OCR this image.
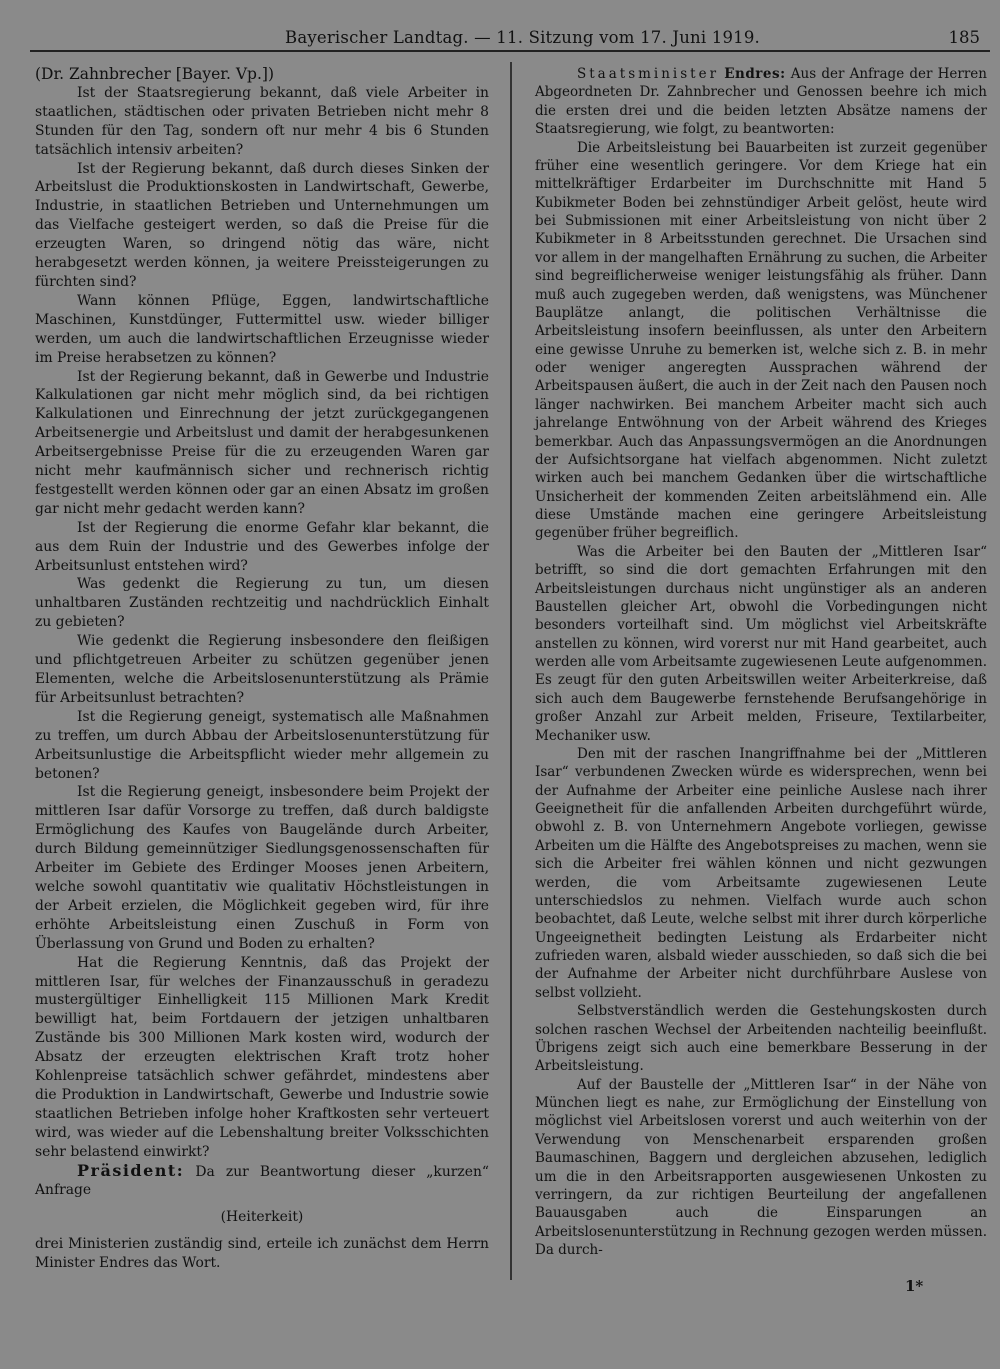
Bayerischer Landtag. — 11. Sitzung vom 17. Juni 1919.	185

(Dr. Zahnbrecher [Bayer. Vp.])

Ist der Staatsregierung bekannt, daß viele Arbeiter in staatlichen, städtischen oder privaten Betrieben nicht mehr 8 Stunden für den Tag, sondern oft nur mehr 4 bis 6 Stunden tatsächlich intensiv arbeiten?

Ist der Regierung bekannt, daß durch dieses Sinken der Arbeitslust die Produktionskosten in Landwirtschaft, Gewerbe, Industrie, in staatlichen Betrieben und Unternehmungen um das Vielfache gesteigert werden, so daß die Preise für die erzeugten Waren, so dringend nötig das wäre, nicht herabgesetzt werden können, ja weitere Preissteigerungen zu fürchten sind?

Wann können Pflüge, Eggen, landwirtschaftliche Maschinen, Kunstdünger, Futtermittel usw. wieder billiger werden, um auch die landwirtschaftlichen Erzeugnisse wieder im Preise herabsetzen zu können?

Ist der Regierung bekannt, daß in Gewerbe und Industrie Kalkulationen gar nicht mehr möglich sind, da bei richtigen Kalkulationen und Einrechnung der jetzt zurückgegangenen Arbeitsenergie und Arbeitslust und damit der herabgesunkenen Arbeitsergebnisse Preise für die zu erzeugenden Waren gar nicht mehr kaufmännisch sicher und rechnerisch richtig festgestellt werden können oder gar an einen Absatz im großen gar nicht mehr gedacht werden kann?

Ist der Regierung die enorme Gefahr klar bekannt, die aus dem Ruin der Industrie und des Gewerbes infolge der Arbeitsunlust entstehen wird?

Was gedenkt die Regierung zu tun, um diesen unhaltbaren Zuständen rechtzeitig und nachdrücklich Einhalt zu gebieten?

Wie gedenkt die Regierung insbesondere den fleißigen und pflichtgetreuen Arbeiter zu schützen gegenüber jenen Elementen, welche die Arbeitslosenunterstützung als Prämie für Arbeitsunlust betrachten?

Ist die Regierung geneigt, systematisch alle Maßnahmen zu treffen, um durch Abbau der Arbeitslosenunterstützung für Arbeitsunlustige die Arbeitspflicht wieder mehr allgemein zu betonen?

Ist die Regierung geneigt, insbesondere beim Projekt der mittleren Isar dafür Vorsorge zu treffen, daß durch baldigste Ermöglichung des Kaufes von Baugelände durch Arbeiter, durch Bildung gemeinnütziger Siedlungsgenossenschaften für Arbeiter im Gebiete des Erdinger Mooses jenen Arbeitern, welche sowohl quantitativ wie qualitativ Höchstleistungen in der Arbeit erzielen, die Möglichkeit gegeben wird, für ihre erhöhte Arbeitsleistung einen Zuschuß in Form von Überlassung von Grund und Boden zu erhalten?

Hat die Regierung Kenntnis, daß das Projekt der mittleren Isar, für welches der Finanzausschuß in geradezu mustergültiger Einhelligkeit 115 Millionen Mark Kredit bewilligt hat, beim Fortdauern der jetzigen unhaltbaren Zustände bis 300 Millionen Mark kosten wird, wodurch der Absatz der erzeugten elektrischen Kraft trotz hoher Kohlenpreise tatsächlich schwer gefährdet, mindestens aber die Produktion in Landwirtschaft, Gewerbe und Industrie sowie staatlichen Betrieben infolge hoher Kraftkosten sehr verteuert wird, was wieder auf die Lebenshaltung breiter Volksschichten sehr belastend einwirkt?

Präsident: Da zur Beantwortung dieser „kurzen“ Anfrage

(Heiterkeit)

drei Ministerien zuständig sind, erteile ich zunächst dem Herrn Minister Endres das Wort.

Staatsminister Endres: Aus der Anfrage der Herren Abgeordneten Dr. Zahnbrecher und Genossen beehre ich mich die ersten drei und die beiden letzten Absätze namens der Staatsregierung, wie folgt, zu beantworten:

Die Arbeitsleistung bei Bauarbeiten ist zurzeit gegenüber früher eine wesentlich geringere. Vor dem Kriege hat ein mittelkräftiger Erdarbeiter im Durchschnitte mit Hand 5 Kubikmeter Boden bei zehnstündiger Arbeit gelöst, heute wird bei Submissionen mit einer Arbeitsleistung von nicht über 2 Kubikmeter in 8 Arbeitsstunden gerechnet. Die Ursachen sind vor allem in der mangelhaften Ernährung zu suchen, die Arbeiter sind begreiflicherweise weniger leistungsfähig als früher. Dann muß auch zugegeben werden, daß wenigstens, was Münchener Bauplätze anlangt, die politischen Verhältnisse die Arbeitsleistung insofern beeinflussen, als unter den Arbeitern eine gewisse Unruhe zu bemerken ist, welche sich z. B. in mehr oder weniger angeregten Aussprachen während der Arbeitspausen äußert, die auch in der Zeit nach den Pausen noch länger nachwirken. Bei manchem Arbeiter macht sich auch jahrelange Entwöhnung von der Arbeit während des Krieges bemerkbar. Auch das Anpassungsvermögen an die Anordnungen der Aufsichtsorgane hat vielfach abgenommen. Nicht zuletzt wirken auch bei manchem Gedanken über die wirtschaftliche Unsicherheit der kommenden Zeiten arbeitslähmend ein. Alle diese Umstände machen eine geringere Arbeitsleistung gegenüber früher begreiflich.

Was die Arbeiter bei den Bauten der „Mittleren Isar“ betrifft, so sind die dort gemachten Erfahrungen mit den Arbeitsleistungen durchaus nicht ungünstiger als an anderen Baustellen gleicher Art, obwohl die Vorbedingungen nicht besonders vorteilhaft sind. Um möglichst viel Arbeitskräfte anstellen zu können, wird vorerst nur mit Hand gearbeitet, auch werden alle vom Arbeitsamte zugewiesenen Leute aufgenommen. Es zeugt für den guten Arbeitswillen weiter Arbeiterkreise, daß sich auch dem Baugewerbe fernstehende Berufsangehörige in großer Anzahl zur Arbeit melden, Friseure, Textilarbeiter, Mechaniker usw.

Den mit der raschen Inangriffnahme bei der „Mittleren Isar“ verbundenen Zwecken würde es widersprechen, wenn bei der Aufnahme der Arbeiter eine peinliche Auslese nach ihrer Geeignetheit für die anfallenden Arbeiten durchgeführt würde, obwohl z. B. von Unternehmern Angebote vorliegen, gewisse Arbeiten um die Hälfte des Angebotspreises zu machen, wenn sie sich die Arbeiter frei wählen können und nicht gezwungen werden, die vom Arbeitsamte zugewiesenen Leute unterschiedslos zu nehmen. Vielfach wurde auch schon beobachtet, daß Leute, welche selbst mit ihrer durch körperliche Ungeeignetheit bedingten Leistung als Erdarbeiter nicht zufrieden waren, alsbald wieder ausschieden, so daß sich die bei der Aufnahme der Arbeiter nicht durchführbare Auslese von selbst vollzieht.

Selbstverständlich werden die Gestehungskosten durch solchen raschen Wechsel der Arbeitenden nachteilig beeinflußt. Übrigens zeigt sich auch eine bemerkbare Besserung in der Arbeitsleistung.

Auf der Baustelle der „Mittleren Isar“ in der Nähe von München liegt es nahe, zur Ermöglichung der Einstellung von möglichst viel Arbeitslosen vorerst und auch weiterhin von der Verwendung von Menschenarbeit ersparenden großen Baumaschinen, Baggern und dergleichen abzusehen, lediglich um die in den Arbeitsrapporten ausgewiesenen Unkosten zu verringern, da zur richtigen Beurteilung der angefallenen Bauausgaben auch die Einsparungen an Arbeitslosenunterstützung in Rechnung gezogen werden müssen. Da durch-

1*
